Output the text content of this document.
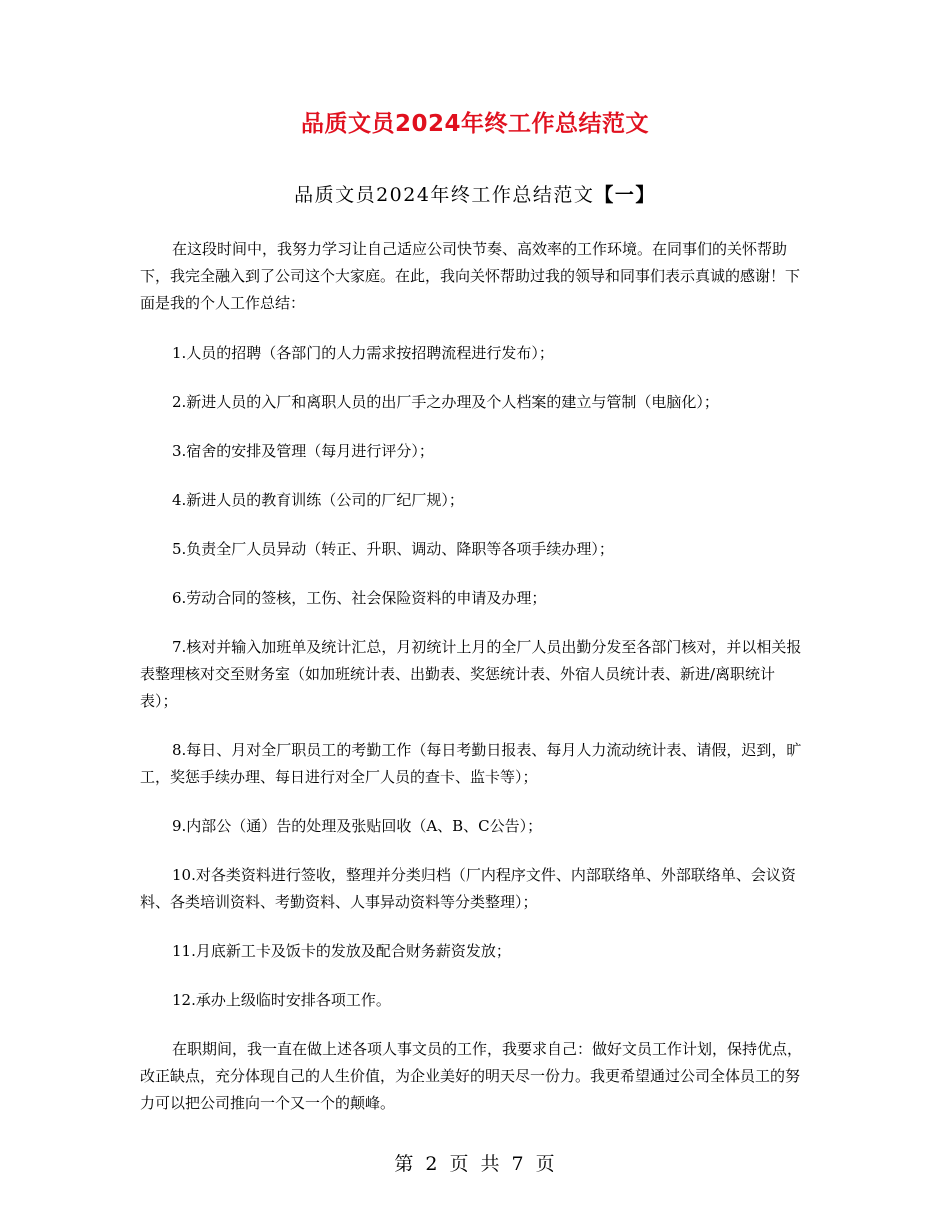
品质文员2024年终工作总结范文
品质文员2024年终工作总结范文【一】

在这段时间中，我努力学习让自己适应公司快节奏、高效率的工作环境。在同事们的关怀帮助下，我完全融入到了公司这个大家庭。在此，我向关怀帮助过我的领导和同事们表示真诚的感谢！下面是我的个人工作总结：

1.人员的招聘（各部门的人力需求按招聘流程进行发布）；

2.新进人员的入厂和离职人员的出厂手之办理及个人档案的建立与管制（电脑化）；

3.宿舍的安排及管理（每月进行评分）；

4.新进人员的教育训练（公司的厂纪厂规）；

5.负责全厂人员异动（转正、升职、调动、降职等各项手续办理）；

6.劳动合同的签核，工伤、社会保险资料的申请及办理；

7.核对并输入加班单及统计汇总，月初统计上月的全厂人员出勤分发至各部门核对，并以相关报表整理核对交至财务室（如加班统计表、出勤表、奖惩统计表、外宿人员统计表、新进/离职统计表）；

8.每日、月对全厂职员工的考勤工作（每日考勤日报表、每月人力流动统计表、请假，迟到，旷工，奖惩手续办理、每日进行对全厂人员的查卡、监卡等）；

9.内部公（通）告的处理及张贴回收（A、B、C公告）；

10.对各类资料进行签收，整理并分类归档（厂内程序文件、内部联络单、外部联络单、会议资料、各类培训资料、考勤资料、人事异动资料等分类整理）；

11.月底新工卡及饭卡的发放及配合财务薪资发放；

12.承办上级临时安排各项工作。

在职期间，我一直在做上述各项人事文员的工作，我要求自己：做好文员工作计划，保持优点，改正缺点，充分体现自己的人生价值，为企业美好的明天尽一份力。我更希望通过公司全体员工的努力可以把公司推向一个又一个的颠峰。

第 2 页 共 7 页
